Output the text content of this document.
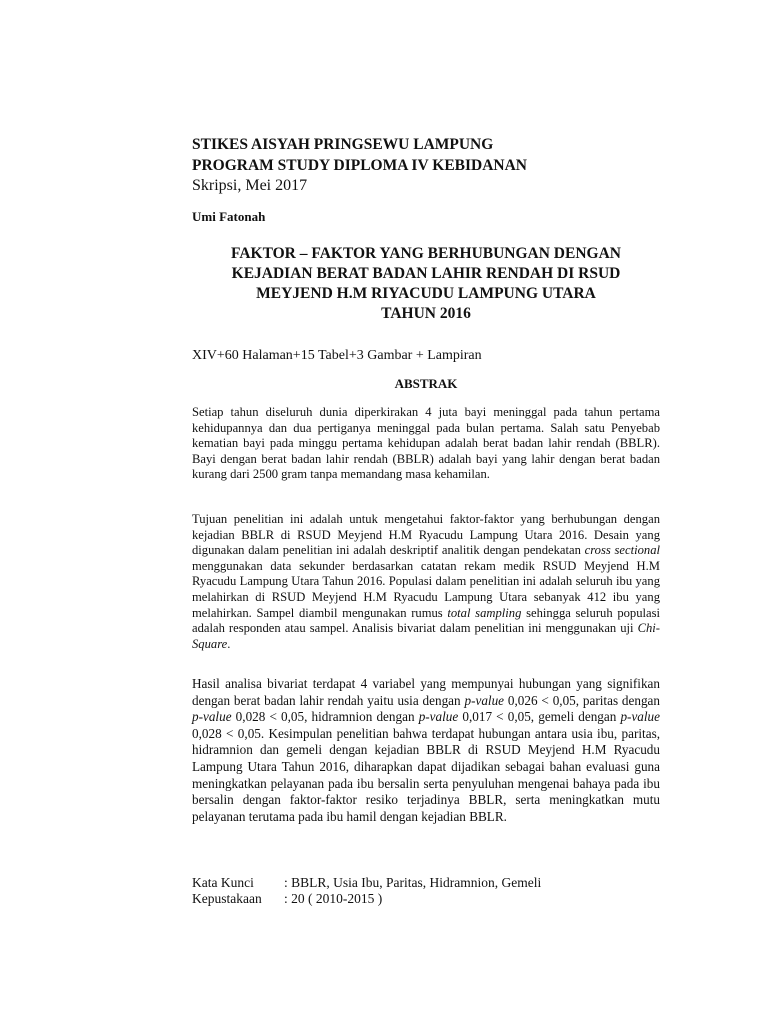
STIKES AISYAH PRINGSEWU LAMPUNG
PROGRAM STUDY DIPLOMA IV KEBIDANAN
Skripsi, Mei 2017
Umi Fatonah
FAKTOR – FAKTOR YANG BERHUBUNGAN DENGAN
KEJADIAN BERAT BADAN LAHIR RENDAH DI RSUD
MEYJEND H.M RIYACUDU LAMPUNG UTARA
TAHUN 2016
XIV+60 Halaman+15 Tabel+3 Gambar + Lampiran
ABSTRAK

Setiap tahun diseluruh dunia diperkirakan 4 juta bayi meninggal pada tahun pertama kehidupannya dan dua pertiganya meninggal pada bulan pertama. Salah satu Penyebab kematian bayi pada minggu pertama kehidupan adalah berat badan lahir rendah (BBLR). Bayi dengan berat badan lahir rendah (BBLR) adalah bayi yang lahir dengan berat badan kurang dari 2500 gram tanpa memandang masa kehamilan.

Tujuan penelitian ini adalah untuk mengetahui faktor-faktor yang berhubungan dengan kejadian BBLR di RSUD Meyjend H.M Ryacudu Lampung Utara 2016. Desain yang digunakan dalam penelitian ini adalah deskriptif analitik dengan pendekatan cross sectional menggunakan data sekunder berdasarkan catatan rekam medik RSUD Meyjend H.M Ryacudu Lampung Utara Tahun 2016. Populasi dalam penelitian ini adalah seluruh ibu yang melahirkan di RSUD Meyjend H.M Ryacudu Lampung Utara sebanyak 412 ibu yang melahirkan. Sampel diambil mengunakan rumus total sampling sehingga seluruh populasi adalah responden atau sampel. Analisis bivariat dalam penelitian ini menggunakan uji Chi-Square.

Hasil analisa bivariat terdapat 4 variabel yang mempunyai hubungan yang signifikan dengan berat badan lahir rendah yaitu usia dengan p-value 0,026 < 0,05, paritas dengan p-value 0,028 < 0,05, hidramnion dengan p-value 0,017 < 0,05, gemeli dengan p-value 0,028 < 0,05. Kesimpulan penelitian bahwa terdapat hubungan antara usia ibu, paritas, hidramnion dan gemeli dengan kejadian BBLR di RSUD Meyjend H.M Ryacudu Lampung Utara Tahun 2016, diharapkan dapat dijadikan sebagai bahan evaluasi guna meningkatkan pelayanan pada ibu bersalin serta penyuluhan mengenai bahaya pada ibu bersalin dengan faktor-faktor resiko terjadinya BBLR, serta meningkatkan mutu pelayanan terutama pada ibu hamil dengan kejadian BBLR.

Kata Kunci : BBLR, Usia Ibu, Paritas, Hidramnion, Gemeli
Kepustakaan : 20 ( 2010-2015 )
